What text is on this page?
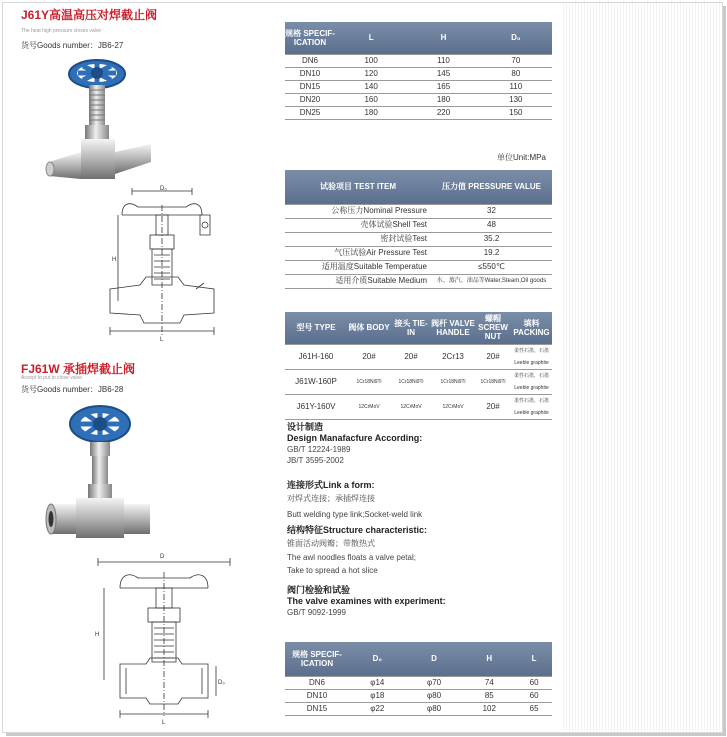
J61Y高温高压对焊截止阀
The heat high pressure closes valve
货号Goods number：JB6-27
D₀
H
L
规格 SPECIF-ICATION	L	H	D₀
DN6	100	110	70
DN10	120	145	80
DN15	140	165	110
DN20	160	180	130
DN25	180	220	150
单位Unit:MPa
试验项目 TEST ITEM	压力值 PRESSURE VALUE
公称压力Nominal Pressure	32
壳体试验Shell Test	48
密封试验Test	35.2
气压试验Air Pressure Test	19.2
适用温度Suitable Temperatue	≤550℃
适用介质Suitable Medium	水、蒸汽、油品等Water,Steam,Oil goods
型号 TYPE	阀体 BODY	接头 TIE-IN	阀杆 VALVE HANDLE	螺帽 SCREW NUT	填料 PACKING
J61H-160	20#	20#	2Cr13	20#	柔性石墨，石墨 Leeble graphite
J61W-160P	1Cr18Ni9Ti	1Cr18Ni9Ti	1Cr18Ni9Ti	1Cr18Ni9Ti	柔性石墨，石墨 Leeble graphite
J61Y-160V	12CrMoV	12CrMoV	12CrMoV	20#	柔性石墨，石墨 Leeble graphite
FJ61W 承插焊截止阀
Accept to put to close valve
货号Goods number：JB6-28
D
H
D₀
L
设计制造
Design Manafacfure According:
GB/T 12224-1989
JB/T 3595-2002
连接形式Link a form:
对焊式连接；承插焊连接
Butt welding type link;Socket-weld link
结构特征Structure characteristic:
锥面活动阀瓣；带散热式
The awl noodles floats a valve petal;
Take to spread a hot slice
阀门检验和试验
The valve examines with experiment:
GB/T 9092-1999
规格 SPECIF-ICATION	D₀	D	H	L
DN6	φ14	φ70	74	60
DN10	φ18	φ80	85	60
DN15	φ22	φ80	102	65
